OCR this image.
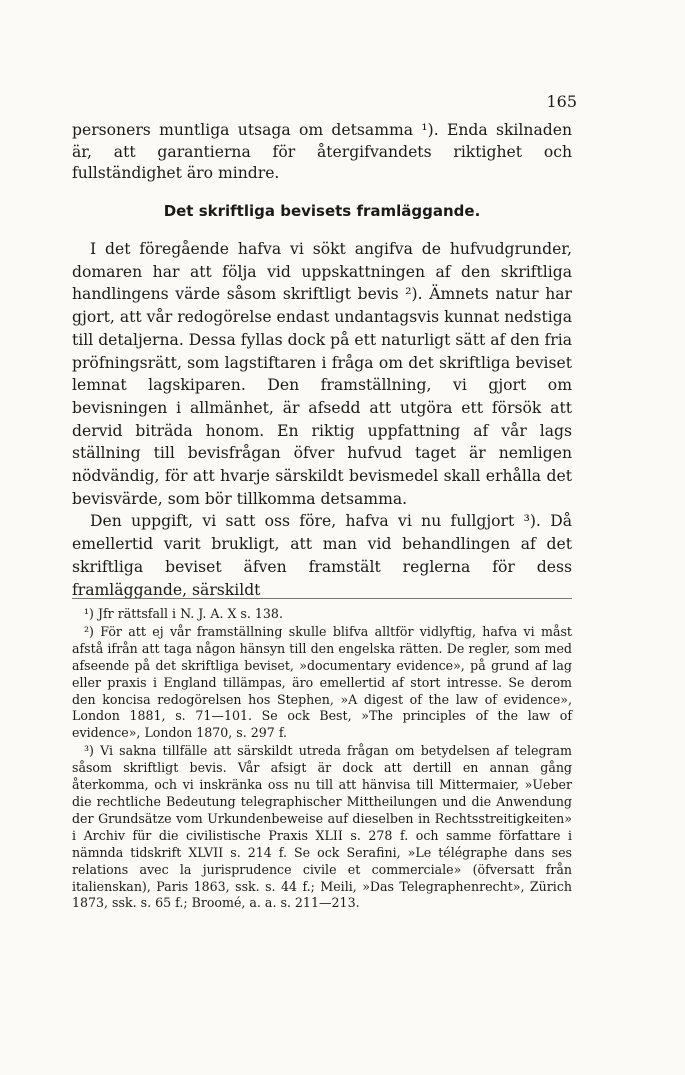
165

personers muntliga utsaga om detsamma ¹). Enda skilnaden är, att garantierna för återgifvandets riktighet och fullständighet äro mindre.

Det skriftliga bevisets framläggande.

I det föregående hafva vi sökt angifva de hufvudgrunder, domaren har att följa vid uppskattningen af den skriftliga handlingens värde såsom skriftligt bevis ²). Ämnets natur har gjort, att vår redogörelse endast undantagsvis kunnat nedstiga till detaljerna. Dessa fyllas dock på ett naturligt sätt af den fria pröfningsrätt, som lagstiftaren i fråga om det skriftliga beviset lemnat lagskiparen. Den framställning, vi gjort om bevisningen i allmänhet, är afsedd att utgöra ett försök att dervid biträda honom. En riktig uppfattning af vår lags ställning till bevisfrågan öfver hufvud taget är nemligen nödvändig, för att hvarje särskildt bevismedel skall erhålla det bevisvärde, som bör tillkomma detsamma.

Den uppgift, vi satt oss före, hafva vi nu fullgjort ³). Då emellertid varit brukligt, att man vid behandlingen af det skriftliga beviset äfven framstält reglerna för dess framläggande, särskildt

¹) Jfr rättsfall i N. J. A. X s. 138.

²) För att ej vår framställning skulle blifva alltför vidlyftig, hafva vi måst afstå ifrån att taga någon hänsyn till den engelska rätten. De regler, som med afseende på det skriftliga beviset, »documentary evidence», på grund af lag eller praxis i England tillämpas, äro emellertid af stort intresse. Se derom den koncisa redogörelsen hos Stephen, »A digest of the law of evidence», London 1881, s. 71—101. Se ock Best, »The principles of the law of evidence», London 1870, s. 297 f.

³) Vi sakna tillfälle att särskildt utreda frågan om betydelsen af telegram såsom skriftligt bevis. Vår afsigt är dock att dertill en annan gång återkomma, och vi inskränka oss nu till att hänvisa till Mittermaier, »Ueber die rechtliche Bedeutung telegraphischer Mittheilungen und die Anwendung der Grundsätze vom Urkundenbeweise auf dieselben in Rechtsstreitigkeiten» i Archiv für die civilistische Praxis XLII s. 278 f. och samme författare i nämnda tidskrift XLVII s. 214 f. Se ock Serafini, »Le télégraphe dans ses relations avec la jurisprudence civile et commerciale» (öfversatt från italienskan), Paris 1863, ssk. s. 44 f.; Meili, »Das Telegraphenrecht», Zürich 1873, ssk. s. 65 f.; Broomé, a. a. s. 211—213.
